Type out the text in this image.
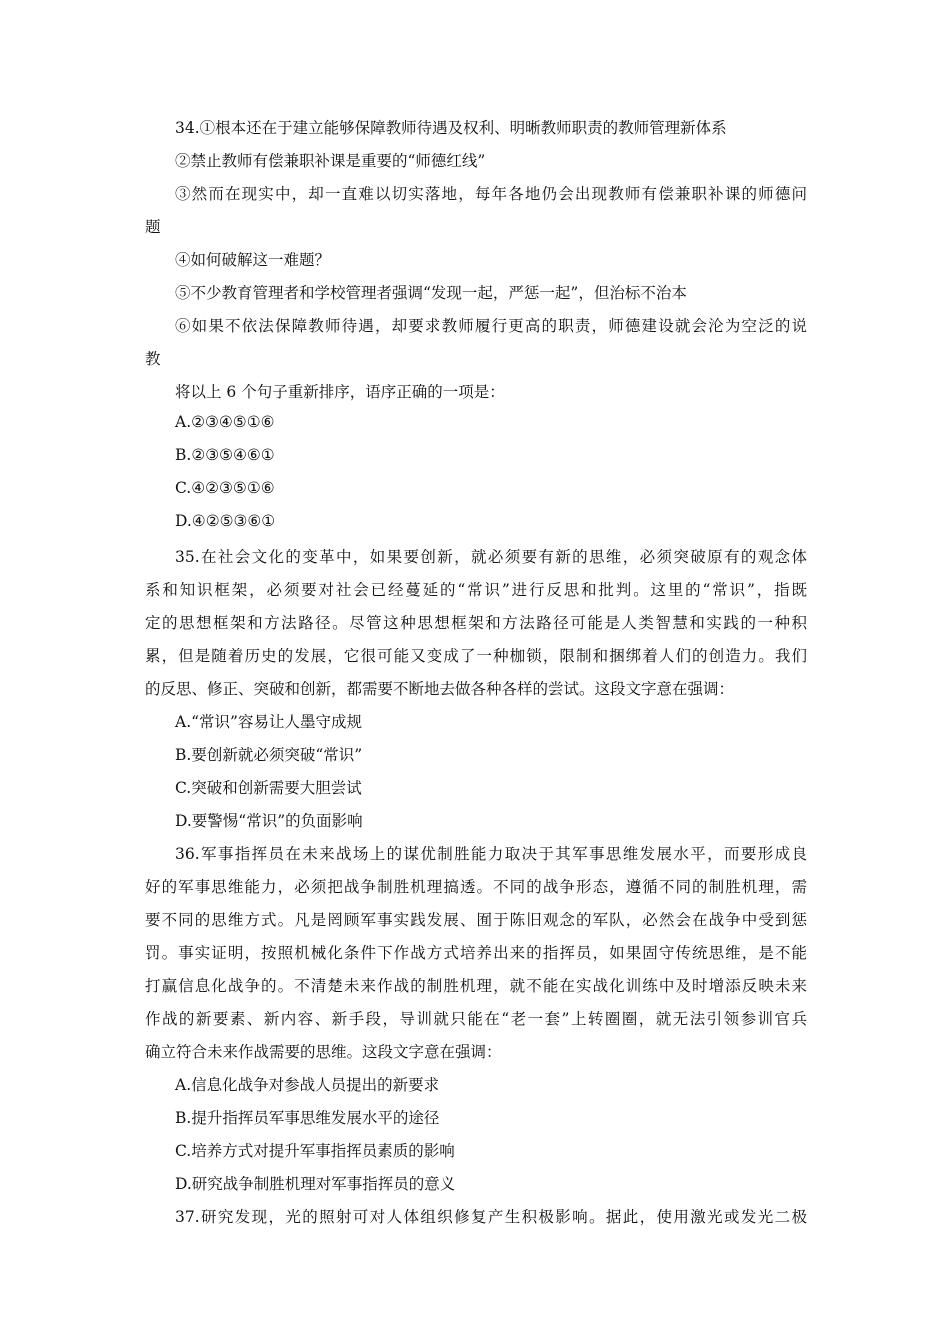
34.①根本还在于建立能够保障教师待遇及权利、明晰教师职责的教师管理新体系
②禁止教师有偿兼职补课是重要的“师德红线”
③然而在现实中，却一直难以切实落地，每年各地仍会出现教师有偿兼职补课的师德问
题
④如何破解这一难题？
⑤不少教育管理者和学校管理者强调“发现一起，严惩一起”，但治标不治本
⑥如果不依法保障教师待遇，却要求教师履行更高的职责，师德建设就会沦为空泛的说
教
将以上 6 个句子重新排序，语序正确的一项是：
A.②③④⑤①⑥
B.②③⑤④⑥①
C.④②③⑤①⑥
D.④②⑤③⑥①
35.在社会文化的变革中，如果要创新，就必须要有新的思维，必须突破原有的观念体
系和知识框架，必须要对社会已经蔓延的“常识”进行反思和批判。这里的“常识”，指既
定的思想框架和方法路径。尽管这种思想框架和方法路径可能是人类智慧和实践的一种积
累，但是随着历史的发展，它很可能又变成了一种枷锁，限制和捆绑着人们的创造力。我们
的反思、修正、突破和创新，都需要不断地去做各种各样的尝试。这段文字意在强调：
A.“常识”容易让人墨守成规
B.要创新就必须突破“常识”
C.突破和创新需要大胆尝试
D.要警惕“常识”的负面影响
36.军事指挥员在未来战场上的谋优制胜能力取决于其军事思维发展水平，而要形成良
好的军事思维能力，必须把战争制胜机理搞透。不同的战争形态，遵循不同的制胜机理，需
要不同的思维方式。凡是罔顾军事实践发展、囿于陈旧观念的军队，必然会在战争中受到惩
罚。事实证明，按照机械化条件下作战方式培养出来的指挥员，如果固守传统思维，是不能
打赢信息化战争的。不清楚未来作战的制胜机理，就不能在实战化训练中及时增添反映未来
作战的新要素、新内容、新手段，导训就只能在“老一套”上转圈圈，就无法引领参训官兵
确立符合未来作战需要的思维。这段文字意在强调：
A.信息化战争对参战人员提出的新要求
B.提升指挥员军事思维发展水平的途径
C.培养方式对提升军事指挥员素质的影响
D.研究战争制胜机理对军事指挥员的意义
37.研究发现，光的照射可对人体组织修复产生积极影响。据此，使用激光或发光二极
